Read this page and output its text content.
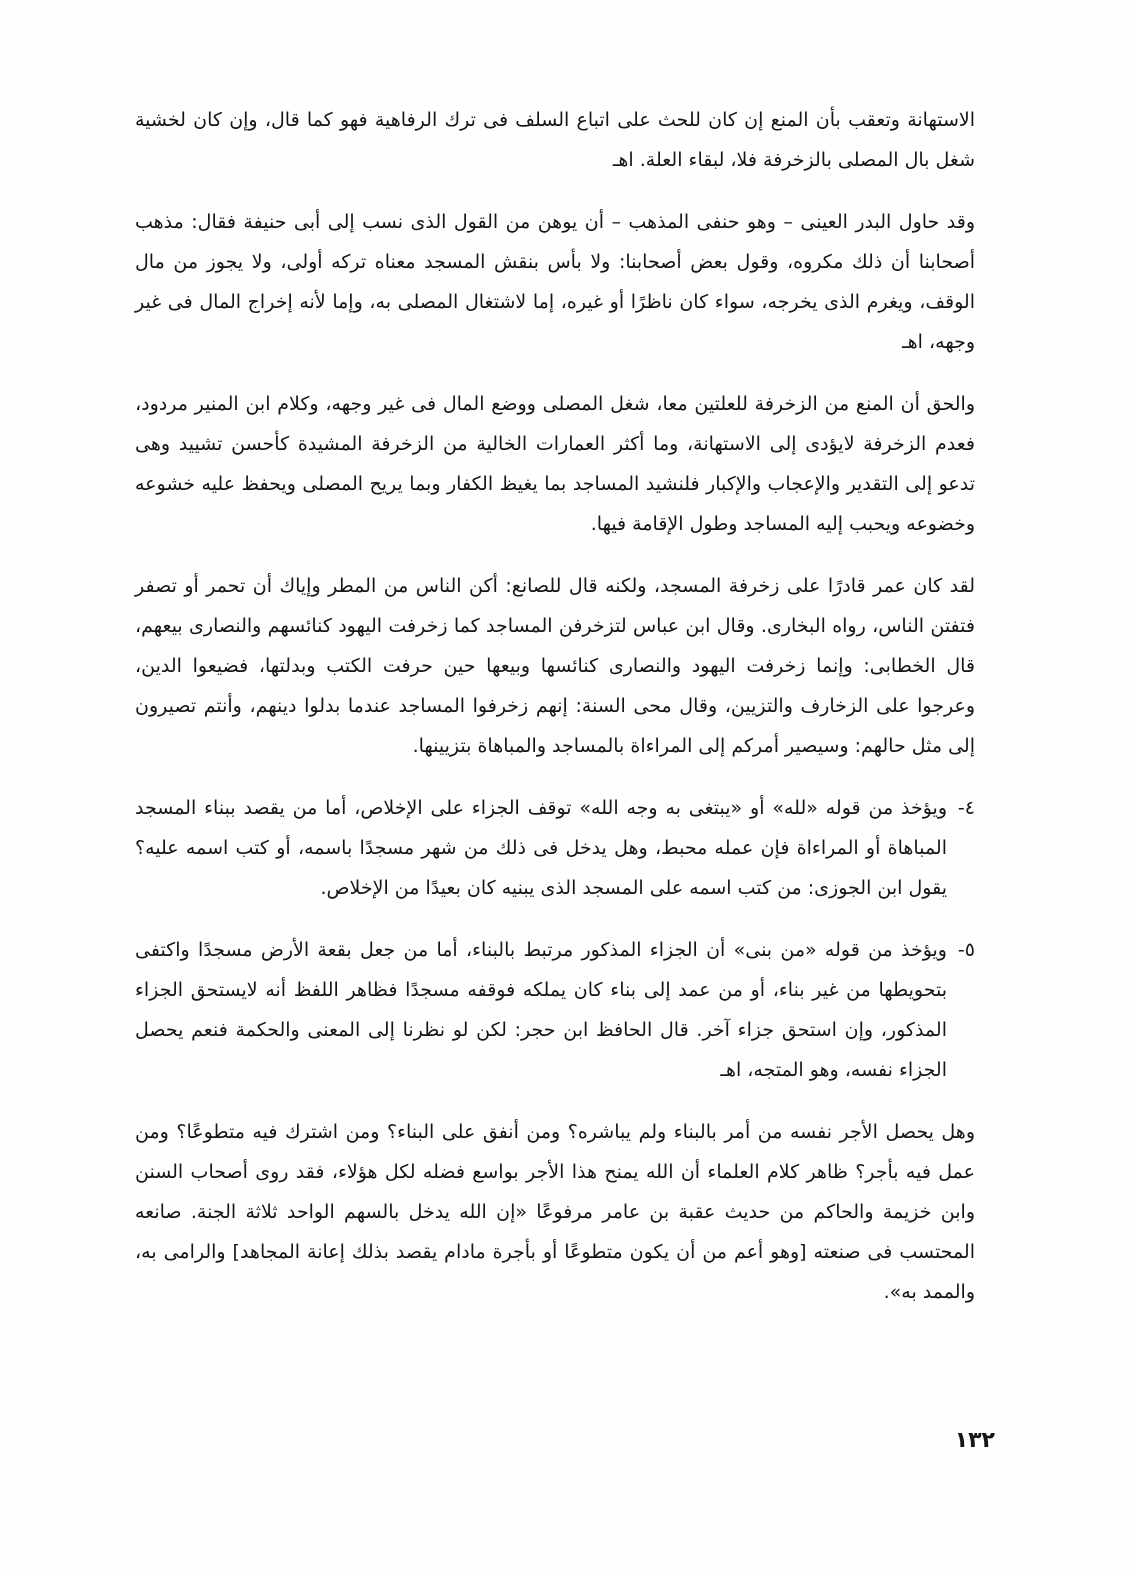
الاستهانة وتعقب بأن المنع إن كان للحث على اتباع السلف فى ترك الرفاهية فهو كما قال، وإن كان لخشية شغل بال المصلى بالزخرفة فلا، لبقاء العلة. اهـ

وقد حاول البدر العينى – وهو حنفى المذهب – أن يوهن من القول الذى نسب إلى أبى حنيفة فقال: مذهب أصحابنا أن ذلك مكروه، وقول بعض أصحابنا: ولا بأس بنقش المسجد معناه تركه أولى، ولا يجوز من مال الوقف، ويغرم الذى يخرجه، سواء كان ناظرًا أو غيره، إما لاشتغال المصلى به، وإما لأنه إخراج المال فى غير وجهه، اهـ

والحق أن المنع من الزخرفة للعلتين معا، شغل المصلى ووضع المال فى غير وجهه، وكلام ابن المنير مردود، فعدم الزخرفة لايؤدى إلى الاستهانة، وما أكثر العمارات الخالية من الزخرفة المشيدة كأحسن تشييد وهى تدعو إلى التقدير والإعجاب والإكبار فلنشيد المساجد بما يغيظ الكفار وبما يريح المصلى ويحفظ عليه خشوعه وخضوعه ويحبب إليه المساجد وطول الإقامة فيها.

لقد كان عمر قادرًا على زخرفة المسجد، ولكنه قال للصانع: أكن الناس من المطر وإياك أن تحمر أو تصفر فتفتن الناس، رواه البخارى. وقال ابن عباس لتزخرفن المساجد كما زخرفت اليهود كنائسهم والنصارى بيعهم، قال الخطابى: وإنما زخرفت اليهود والنصارى كنائسها وبيعها حين حرفت الكتب وبدلتها، فضيعوا الدين، وعرجوا على الزخارف والتزيين، وقال محى السنة: إنهم زخرفوا المساجد عندما بدلوا دينهم، وأنتم تصيرون إلى مثل حالهم: وسيصير أمركم إلى المراءاة بالمساجد والمباهاة بتزيينها.

٤-
ويؤخذ من قوله «لله» أو «يبتغى به وجه الله» توقف الجزاء على الإخلاص، أما من يقصد ببناء المسجد المباهاة أو المراءاة فإن عمله محبط، وهل يدخل فى ذلك من شهر مسجدًا باسمه، أو كتب اسمه عليه؟ يقول ابن الجوزى: من كتب اسمه على المسجد الذى يبنيه كان بعيدًا من الإخلاص.
٥-
ويؤخذ من قوله «من بنى» أن الجزاء المذكور مرتبط بالبناء، أما من جعل بقعة الأرض مسجدًا واكتفى بتحويطها من غير بناء، أو من عمد إلى بناء كان يملكه فوقفه مسجدًا فظاهر اللفظ أنه لايستحق الجزاء المذكور، وإن استحق جزاء آخر. قال الحافظ ابن حجر: لكن لو نظرنا إلى المعنى والحكمة فنعم يحصل الجزاء نفسه، وهو المتجه، اهـ

وهل يحصل الأجر نفسه من أمر بالبناء ولم يباشره؟ ومن أنفق على البناء؟ ومن اشترك فيه متطوعًا؟ ومن عمل فيه بأجر؟ ظاهر كلام العلماء أن الله يمنح هذا الأجر بواسع فضله لكل هؤلاء، فقد روى أصحاب السنن وابن خزيمة والحاكم من حديث عقبة بن عامر مرفوعًا «إن الله يدخل بالسهم الواحد ثلاثة الجنة. صانعه المحتسب فى صنعته [وهو أعم من أن يكون متطوعًا أو بأجرة مادام يقصد بذلك إعانة المجاهد] والرامى به، والممد به».

١٣٢
